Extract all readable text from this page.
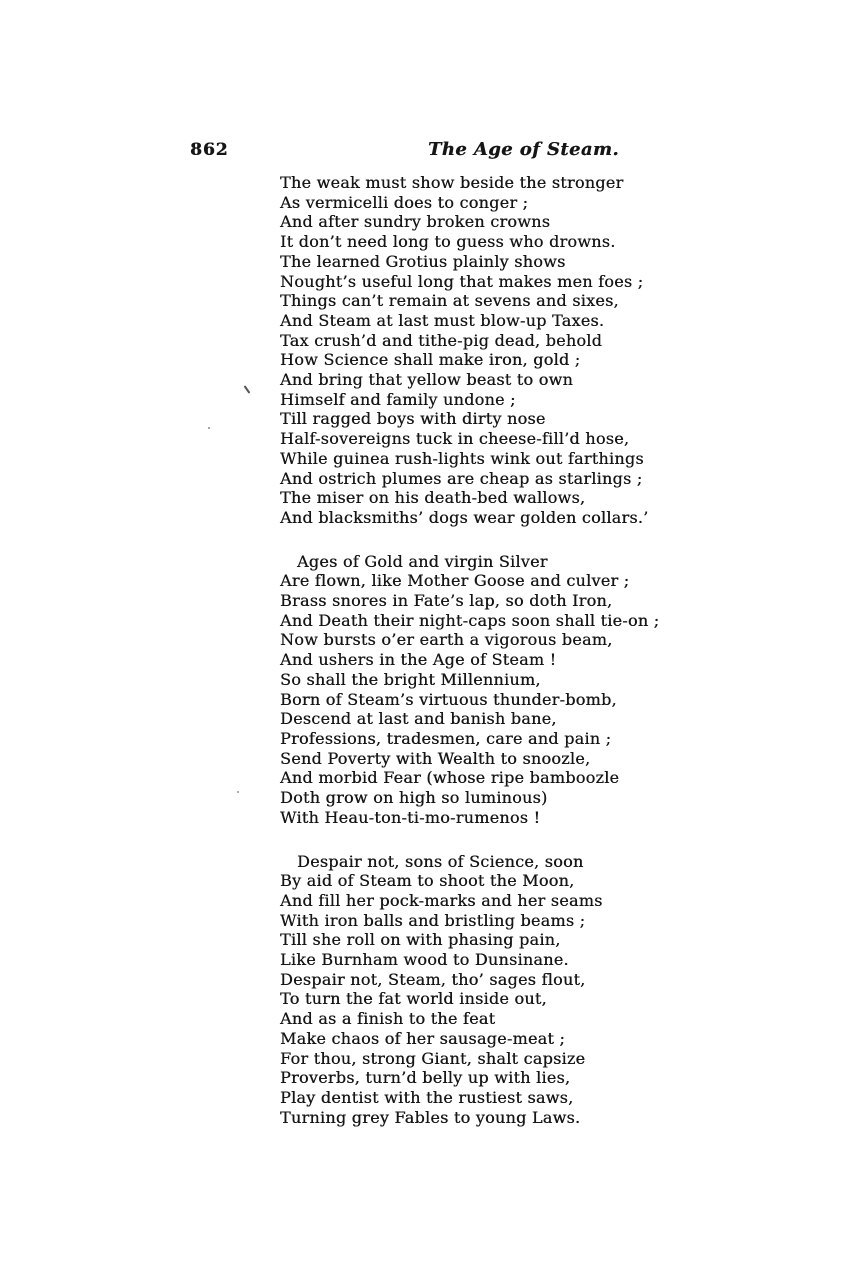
862	The Age of Steam.
The weak must show beside the stronger
As vermicelli does to conger ;
And after sundry broken crowns
It don’t need long to guess who drowns.
The learned Grotius plainly shows
Nought’s useful long that makes men foes ;
Things can’t remain at sevens and sixes,
And Steam at last must blow-up Taxes.
Tax crush’d and tithe-pig dead, behold
How Science shall make iron, gold ;
And bring that yellow beast to own
Himself and family undone ;
Till ragged boys with dirty nose
Half-sovereigns tuck in cheese-fill’d hose,
While guinea rush-lights wink out farthings
And ostrich plumes are cheap as starlings ;
The miser on his death-bed wallows,
And blacksmiths’ dogs wear golden collars.’
Ages of Gold and virgin Silver
Are flown, like Mother Goose and culver ;
Brass snores in Fate’s lap, so doth Iron,
And Death their night-caps soon shall tie-on ;
Now bursts o’er earth a vigorous beam,
And ushers in the Age of Steam !
So shall the bright Millennium,
Born of Steam’s virtuous thunder-bomb,
Descend at last and banish bane,
Professions, tradesmen, care and pain ;
Send Poverty with Wealth to snoozle,
And morbid Fear (whose ripe bamboozle
Doth grow on high so luminous)
With Heau-ton-ti-mo-rumenos !
Despair not, sons of Science, soon
By aid of Steam to shoot the Moon,
And fill her pock-marks and her seams
With iron balls and bristling beams ;
Till she roll on with phasing pain,
Like Burnham wood to Dunsinane.
Despair not, Steam, tho’ sages flout,
To turn the fat world inside out,
And as a finish to the feat
Make chaos of her sausage-meat ;
For thou, strong Giant, shalt capsize
Proverbs, turn’d belly up with lies,
Play dentist with the rustiest saws,
Turning grey Fables to young Laws.
